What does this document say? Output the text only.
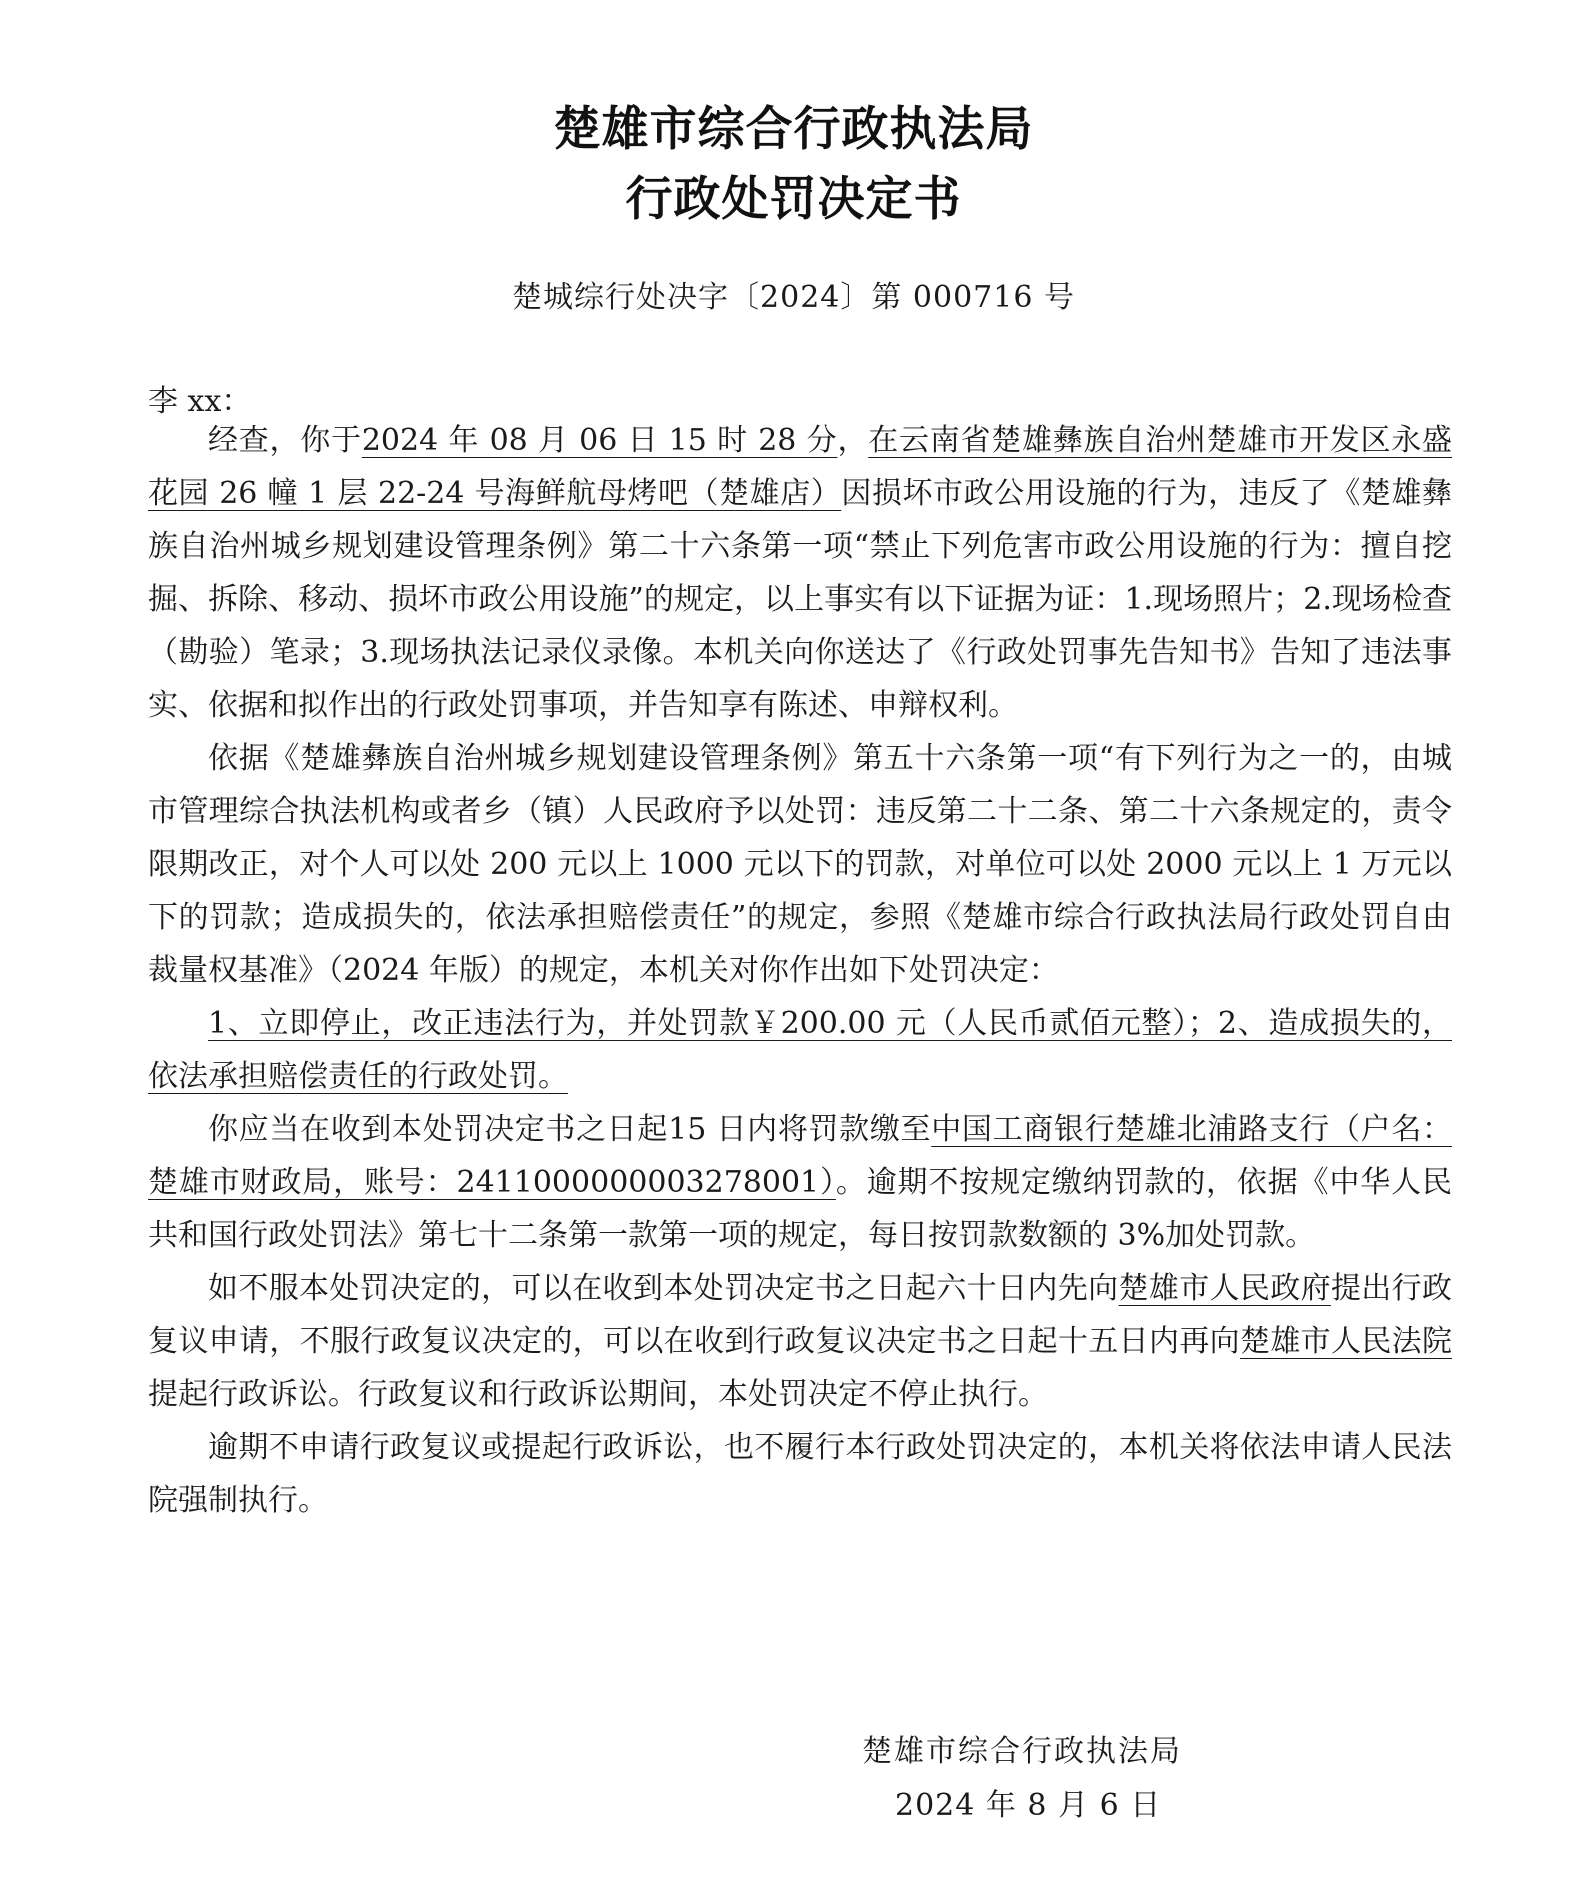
楚雄市综合行政执法局
行政处罚决定书
楚城综行处决字〔2024〕第 000716 号
李 xx：

经查，你于2024 年 08 月 06 日 15 时 28 分，在云南省楚雄彝族自治州楚雄市开发区永盛花园 26 幢 1 层 22-24 号海鲜航母烤吧（楚雄店）因损坏市政公用设施的行为，违反了《楚雄彝族自治州城乡规划建设管理条例》第二十六条第一项“禁止下列危害市政公用设施的行为：擅自挖掘、拆除、移动、损坏市政公用设施”的规定，以上事实有以下证据为证：1.现场照片；2.现场检查（勘验）笔录；3.现场执法记录仪录像。本机关向你送达了《行政处罚事先告知书》告知了违法事实、依据和拟作出的行政处罚事项，并告知享有陈述、申辩权利。

依据《楚雄彝族自治州城乡规划建设管理条例》第五十六条第一项“有下列行为之一的，由城市管理综合执法机构或者乡（镇）人民政府予以处罚：违反第二十二条、第二十六条规定的，责令限期改正，对个人可以处 200 元以上 1000 元以下的罚款，对单位可以处 2000 元以上 1 万元以下的罚款；造成损失的，依法承担赔偿责任”的规定，参照《楚雄市综合行政执法局行政处罚自由裁量权基准》（2024 年版）的规定，本机关对你作出如下处罚决定：

1、立即停止，改正违法行为，并处罚款￥200.00 元（人民币贰佰元整）；2、造成损失的，依法承担赔偿责任的行政处罚。

你应当在收到本处罚决定书之日起15 日内将罚款缴至中国工商银行楚雄北浦路支行（户名：楚雄市财政局，账号：2411000000003278001）。逾期不按规定缴纳罚款的，依据《中华人民共和国行政处罚法》第七十二条第一款第一项的规定，每日按罚款数额的 3%加处罚款。

如不服本处罚决定的，可以在收到本处罚决定书之日起六十日内先向楚雄市人民政府提出行政复议申请，不服行政复议决定的，可以在收到行政复议决定书之日起十五日内再向楚雄市人民法院提起行政诉讼。行政复议和行政诉讼期间，本处罚决定不停止执行。

逾期不申请行政复议或提起行政诉讼，也不履行本行政处罚决定的，本机关将依法申请人民法院强制执行。

楚雄市综合行政执法局
2024 年 8 月 6 日
